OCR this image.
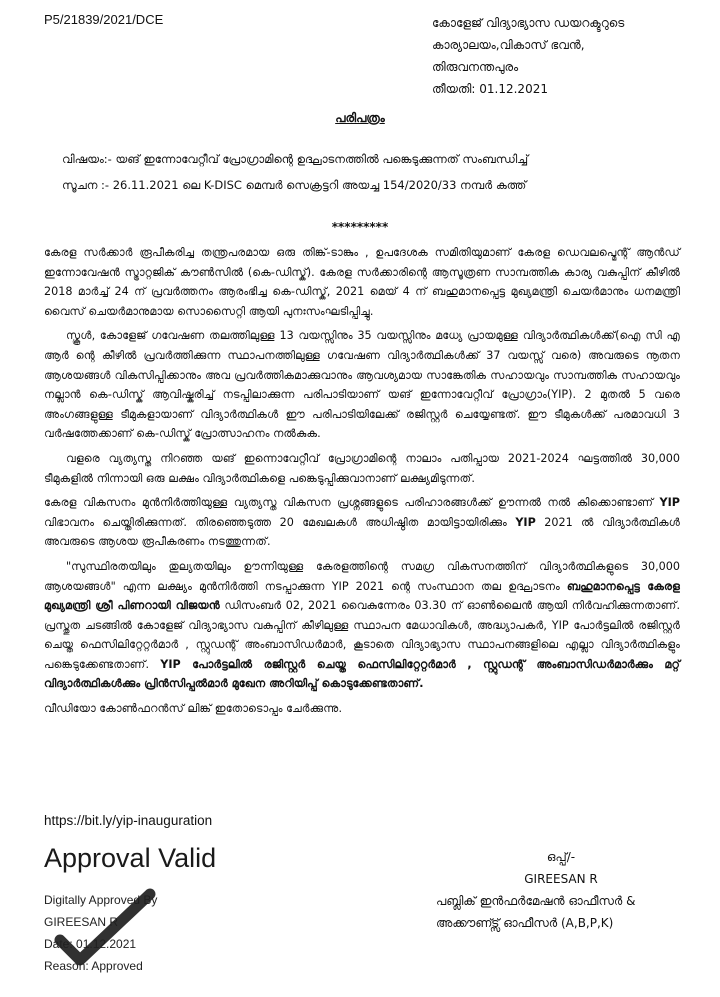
P5/21839/2021/DCE	കോളേജ് വിദ്യാഭ്യാസ ഡയറക്ടറുടെ
കാര്യാലയം,വികാസ് ഭവൻ,
തിരുവനന്തപുരം
തീയതി: 01.12.2021
പരിപത്രം
വിഷയം:- യങ് ഇന്നോവേറ്റീവ് പ്രോഗ്രാമിന്റെ ഉദ്ഘാടനത്തിൽ പങ്കെടുക്കുന്നത് സംബന്ധിച്ച്
സൂചന :- 26.11.2021 ലെ K-DISC മെമ്പർ സെക്രട്ടറി അയച്ച 154/2020/33 നമ്പർ കത്ത്
*********

കേരള സർക്കാർ രൂപീകരിച്ച തന്ത്രപരമായ ഒരു തിങ്ക്-ടാങ്കും , ഉപദേശക സമിതിയുമാണ് കേരള ഡെവലപ്മെന്റ് ആൻഡ് ഇന്നോവേഷൻ സ്ട്രാറ്റജിക് കൗൺസിൽ (കെ-ഡിസ്ക്). കേരള സർക്കാരിന്റെ ആസൂത്രണ സാമ്പത്തിക കാര്യ വകുപ്പിന് കീഴിൽ 2018 മാർച്ച് 24 ന് പ്രവർത്തനം ആരംഭിച്ച കെ-ഡിസ്ക്, 2021 മെയ് 4 ന് ബഹുമാനപ്പെട്ട മുഖ്യമന്ത്രി ചെയർമാനും ധനമന്ത്രി വൈസ് ചെയർമാനുമായ സൊസൈറ്റി ആയി പുനഃസംഘടിപ്പിച്ചു.

സ്കൂൾ, കോളേജ് ഗവേഷണ തലത്തിലുള്ള 13 വയസ്സിനും 35 വയസ്സിനും മധ്യേ പ്രായമുള്ള വിദ്യാർത്ഥികൾക്ക്(ഐ സി എ ആർ ന്റെ കീഴിൽ പ്രവർത്തിക്കുന്ന സ്ഥാപനത്തിലുള്ള ഗവേഷണ വിദ്യാർത്ഥികൾക്ക് 37 വയസ്സ് വരെ) അവരുടെ നൂതന ആശയങ്ങൾ വികസിപ്പിക്കാനും അവ പ്രവർത്തികമാക്കുവാനും ആവശ്യമായ സാങ്കേതിക സഹായവും സാമ്പത്തിക സഹായവും നല്ലാൻ കെ-ഡിസ്ക് ആവിഷ്കരിച്ച് നടപ്പിലാക്കുന്ന പരിപാടിയാണ് യങ് ഇന്നോവേറ്റീവ് പ്രോഗ്രാം(YIP). 2 മുതൽ 5 വരെ അംഗങ്ങളുള്ള ടീമുകളായാണ് വിദ്യാർത്ഥികൾ ഈ പരിപാടിയിലേക്ക് രജിസ്റ്റർ ചെയ്യേണ്ടത്. ഈ ടീമുകൾക്ക് പരമാവധി 3 വർഷത്തേക്കാണ് കെ-ഡിസ്ക് പ്രോത്സാഹനം നൽകുക.

വളരെ വ്യത്യസ്ത നിറഞ്ഞ യങ് ഇന്നൊവേറ്റീവ് പ്രോഗ്രാമിന്റെ നാലാം പതിപ്പായ 2021-2024 ഘട്ടത്തിൽ 30,000 ടീമുകളിൽ നിന്നായി ഒരു ലക്ഷം വിദ്യാർത്ഥികളെ പങ്കെടുപ്പിക്കുവാനാണ് ലക്ഷ്യമിടുന്നത്.

കേരള വികസനം മുൻനിർത്തിയുള്ള വ്യത്യസ്ത വികസന പ്രശ്നങ്ങളുടെ പരിഹാരങ്ങൾക്ക് ഊന്നൽ നൽ കിക്കൊണ്ടാണ് YIP വിഭാവനം ചെയ്തിരിക്കുന്നത്. തിരഞ്ഞെടുത്ത 20 മേഖലകൾ അധിഷ്ഠിത മായിട്ടായിരിക്കും YIP 2021 ൽ വിദ്യാർത്ഥികൾ അവരുടെ ആശയ രൂപീകരണം നടത്തുന്നത്.

"സുസ്ഥിരതയിലും തുല്യതയിലും ഊന്നിയുള്ള കേരളത്തിന്റെ സമഗ്ര വികസനത്തിന് വിദ്യാർത്ഥികളുടെ 30,000 ആശയങ്ങൾ" എന്ന ലക്ഷ്യം മുൻനിർത്തി നടപ്പാക്കുന്ന YIP 2021 ന്റെ സംസ്ഥാന തല ഉദ്ഘാടനം ബഹുമാനപ്പെട്ട കേരള മുഖ്യമന്ത്രി ശ്രീ പിണറായി വിജയൻ ഡിസംബർ 02, 2021 വൈകുന്നേരം 03.30 ന് ഓൺലൈൻ ആയി നിർവഹിക്കുന്നതാണ്. പ്രസ്തുത ചടങ്ങിൽ കോളേജ് വിദ്യാഭ്യാസ വകുപ്പിന് കീഴിലുള്ള സ്ഥാപന മേധാവികൾ, അദ്ധ്യാപകർ, YIP പോർട്ടലിൽ രജിസ്റ്റർ ചെയ്ത ഫെസിലിറ്റേറ്റർമാർ , സ്റ്റുഡന്റ് അംബാസിഡർമാർ, കൂടാതെ വിദ്യാഭ്യാസ സ്ഥാപനങ്ങളിലെ എല്ലാ വിദ്യാർത്ഥികളും പങ്കെടുക്കേണ്ടതാണ്. YIP പോർട്ടലിൽ രജിസ്റ്റർ ചെയ്ത ഫെസിലിറ്റേറ്റർമാർ , സ്റ്റുഡന്റ് അംബാസിഡർമാർക്കും മറ്റ് വിദ്യാർത്ഥികൾക്കും പ്രിൻസിപ്പൽമാർ മുഖേന അറിയിപ്പ് കൊടുക്കേണ്ടതാണ്.

വീഡിയോ കോൺഫറൻസ് ലിങ്ക് ഇതോടൊപ്പം ചേർക്കുന്നു.

https://bit.ly/yip-inauguration
Approval Valid
Digitally Approved By
GIREESAN R
Date: 01.12.2021
Reason: Approved
ഒപ്പ്/-
GIREESAN R
പബ്ലിക് ഇൻഫർമേഷൻ ഓഫീസർ &
അക്കൗണ്ട്സ് ഓഫീസർ (A,B,P,K)
